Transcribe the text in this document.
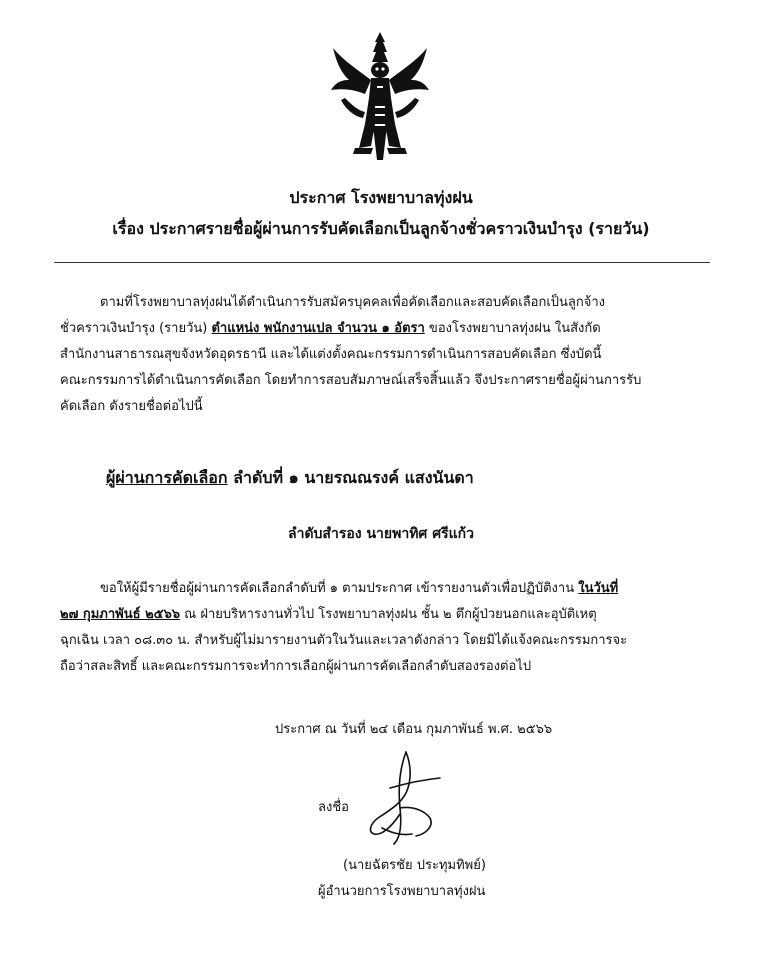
ประกาศ โรงพยาบาลทุ่งฝน
เรื่อง ประกาศรายชื่อผู้ผ่านการรับคัดเลือกเป็นลูกจ้างชั่วคราวเงินบำรุง (รายวัน)
ตามที่โรงพยาบาลทุ่งฝนได้ดำเนินการรับสมัครบุคคลเพื่อคัดเลือกและสอบคัดเลือกเป็นลูกจ้าง
ชั่วคราวเงินบำรุง (รายวัน) ตำแหน่ง พนักงานเปล จำนวน ๑ อัตรา ของโรงพยาบาลทุ่งฝน ในสังกัด
สำนักงานสาธารณสุขจังหวัดอุดรธานี และได้แต่งตั้งคณะกรรมการดำเนินการสอบคัดเลือก ซึ่งบัดนี้
คณะกรรมการได้ดำเนินการคัดเลือก โดยทำการสอบสัมภาษณ์เสร็จสิ้นแล้ว จึงประกาศรายชื่อผู้ผ่านการรับ
คัดเลือก ดังรายชื่อต่อไปนี้
ผู้ผ่านการคัดเลือก ลำดับที่ ๑ นายรณณรงค์ แสงนันดา
ลำดับสำรอง นายพาทิศ ศรีแก้ว
ขอให้ผู้มีรายชื่อผู้ผ่านการคัดเลือกลำดับที่ ๑ ตามประกาศ เข้ารายงานตัวเพื่อปฏิบัติงาน ในวันที่
๒๗ กุมภาพันธ์ ๒๕๖๖ ณ ฝ่ายบริหารงานทั่วไป โรงพยาบาลทุ่งฝน ชั้น ๒ ตึกผู้ป่วยนอกและอุบัติเหตุ
ฉุกเฉิน เวลา ๐๘.๓๐ น. สำหรับผู้ไม่มารายงานตัวในวันและเวลาดังกล่าว โดยมิได้แจ้งคณะกรรมการจะ
ถือว่าสละสิทธิ์ และคณะกรรมการจะทำการเลือกผู้ผ่านการคัดเลือกลำดับสองรองต่อไป
ประกาศ ณ วันที่ ๒๔ เดือน กุมภาพันธ์ พ.ศ. ๒๕๖๖
ลงชื่อ
(นายฉัตรชัย ประทุมทิพย์)
ผู้อำนวยการโรงพยาบาลทุ่งฝน
